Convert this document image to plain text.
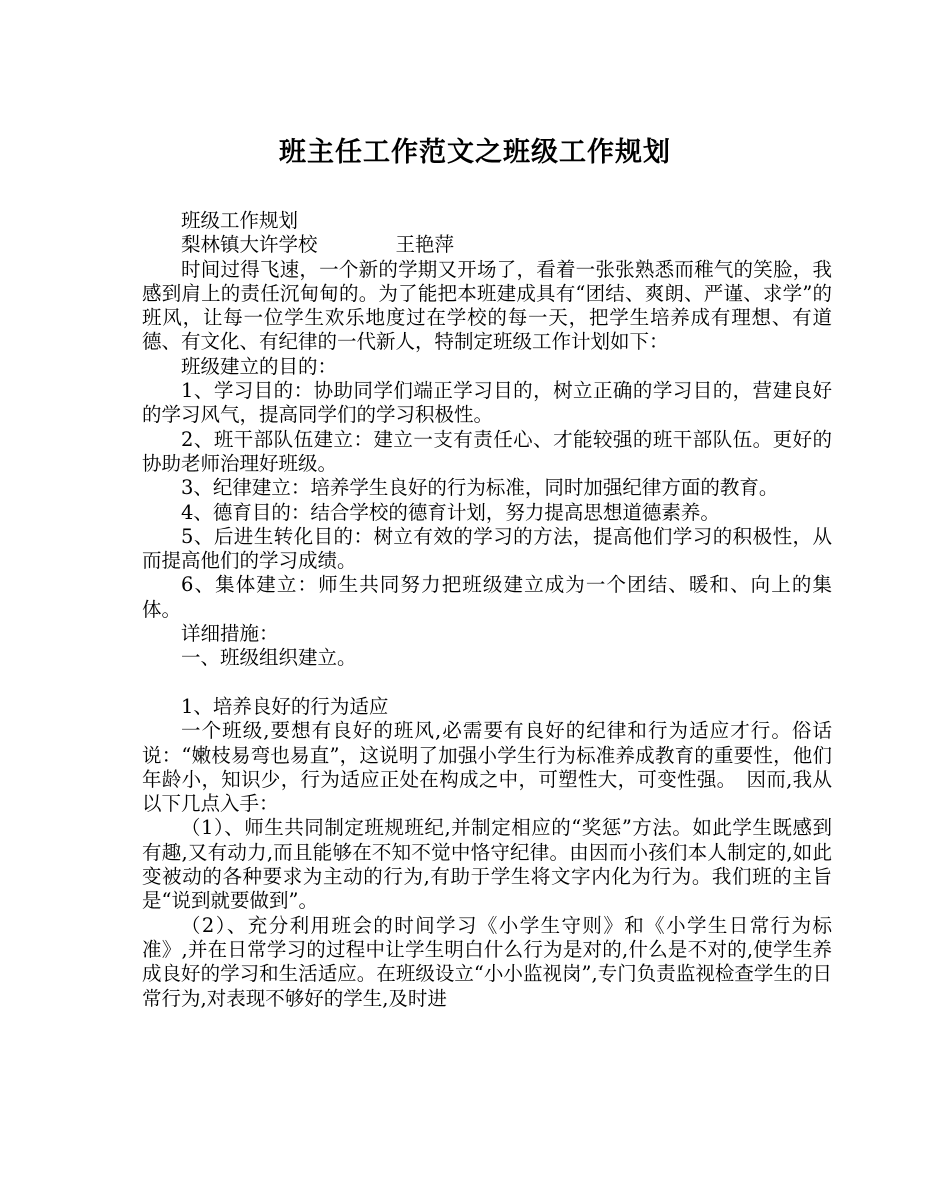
班主任工作范文之班级工作规划

班级工作规划

梨林镇大许学校	王艳萍

时间过得飞速，一个新的学期又开场了，看着一张张熟悉而稚气的笑脸，我感到肩上的责任沉甸甸的。为了能把本班建成具有“团结、爽朗、严谨、求学”的班风，让每一位学生欢乐地度过在学校的每一天，把学生培养成有理想、有道德、有文化、有纪律的一代新人，特制定班级工作计划如下：

班级建立的目的：

1、学习目的：协助同学们端正学习目的，树立正确的学习目的，营建良好的学习风气，提高同学们的学习积极性。

2、班干部队伍建立：建立一支有责任心、才能较强的班干部队伍。更好的协助老师治理好班级。

3、纪律建立：培养学生良好的行为标准，同时加强纪律方面的教育。

4、德育目的：结合学校的德育计划，努力提高思想道德素养。

5、后进生转化目的：树立有效的学习的方法，提高他们学习的积极性，从而提高他们的学习成绩。

6、集体建立：师生共同努力把班级建立成为一个团结、暖和、向上的集体。

详细措施：

一、班级组织建立。

1、培养良好的行为适应

一个班级,要想有良好的班风,必需要有良好的纪律和行为适应才行。俗话说：“嫩枝易弯也易直”，这说明了加强小学生行为标准养成教育的重要性，他们年龄小，知识少，行为适应正处在构成之中，可塑性大，可变性强。　因而,我从以下几点入手：

（1）、师生共同制定班规班纪,并制定相应的“奖惩”方法。如此学生既感到有趣,又有动力,而且能够在不知不觉中恪守纪律。由因而小孩们本人制定的,如此变被动的各种要求为主动的行为,有助于学生将文字内化为行为。我们班的主旨是“说到就要做到”。

（2）、充分利用班会的时间学习《小学生守则》和《小学生日常行为标准》,并在日常学习的过程中让学生明白什么行为是对的,什么是不对的,使学生养成良好的学习和生活适应。在班级设立“小小监视岗”,专门负责监视检查学生的日常行为,对表现不够好的学生,及时进
